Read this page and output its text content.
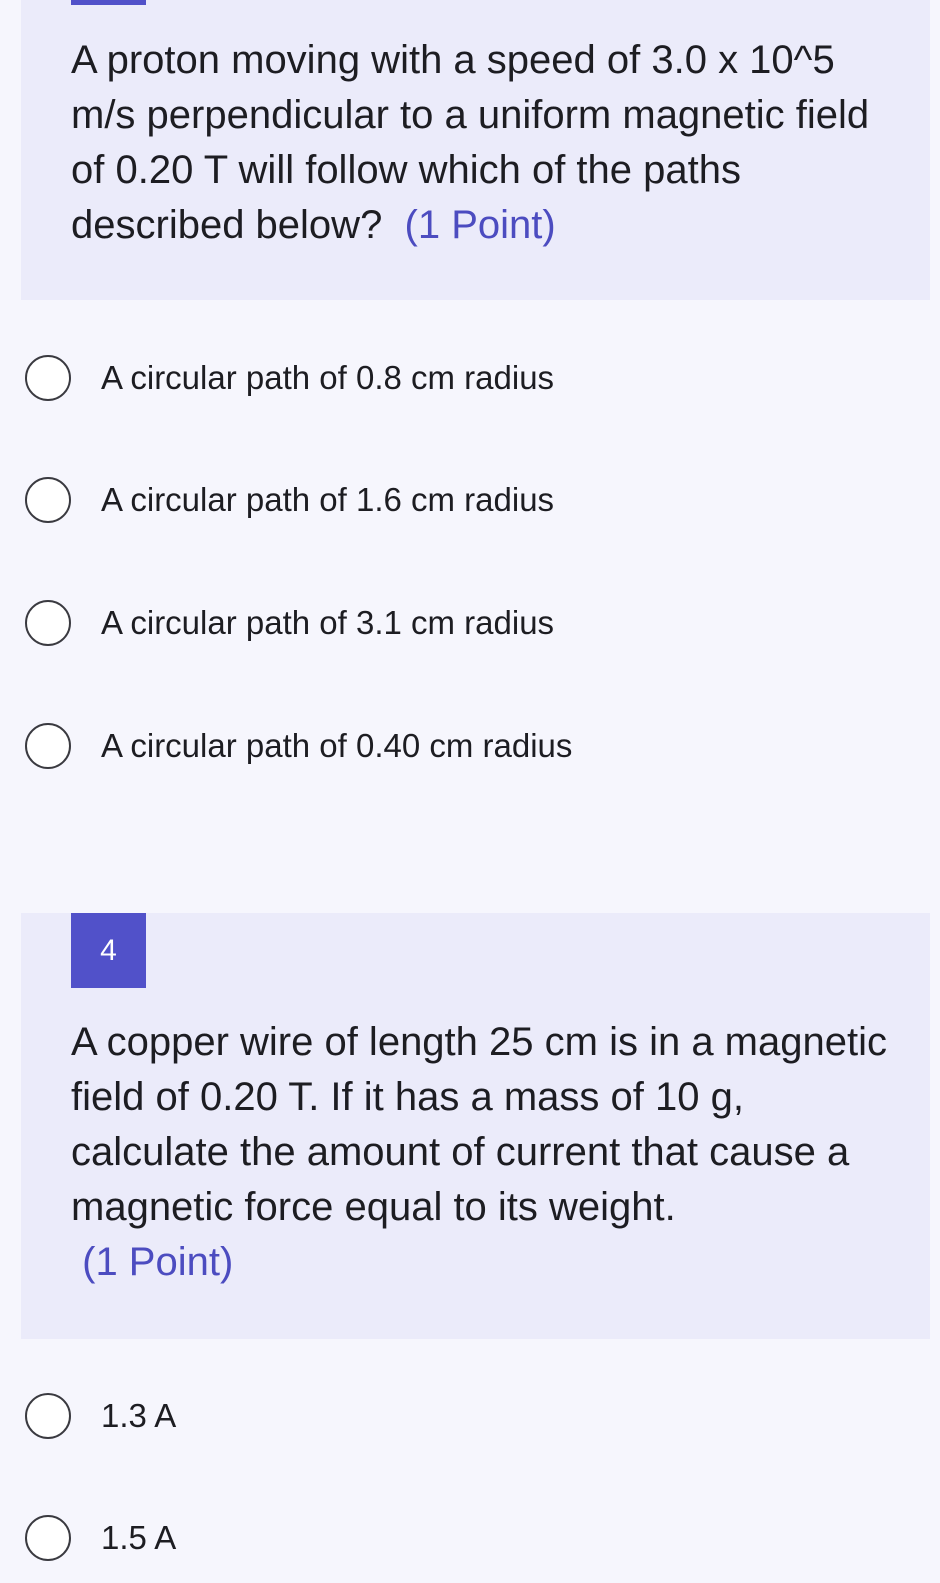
A proton moving with a speed of 3.0 x 10^5 m/s perpendicular to a uniform magnetic field of 0.20 T will follow which of the paths described below? (1 Point)

A circular path of 0.8 cm radius
A circular path of 1.6 cm radius
A circular path of 3.1 cm radius
A circular path of 0.40 cm radius
4

A copper wire of length 25 cm is in a magnetic field of 0.20 T. If it has a mass of 10 g, calculate the amount of current that cause a magnetic force equal to its weight.
(1 Point)

1.3 A
1.5 A
